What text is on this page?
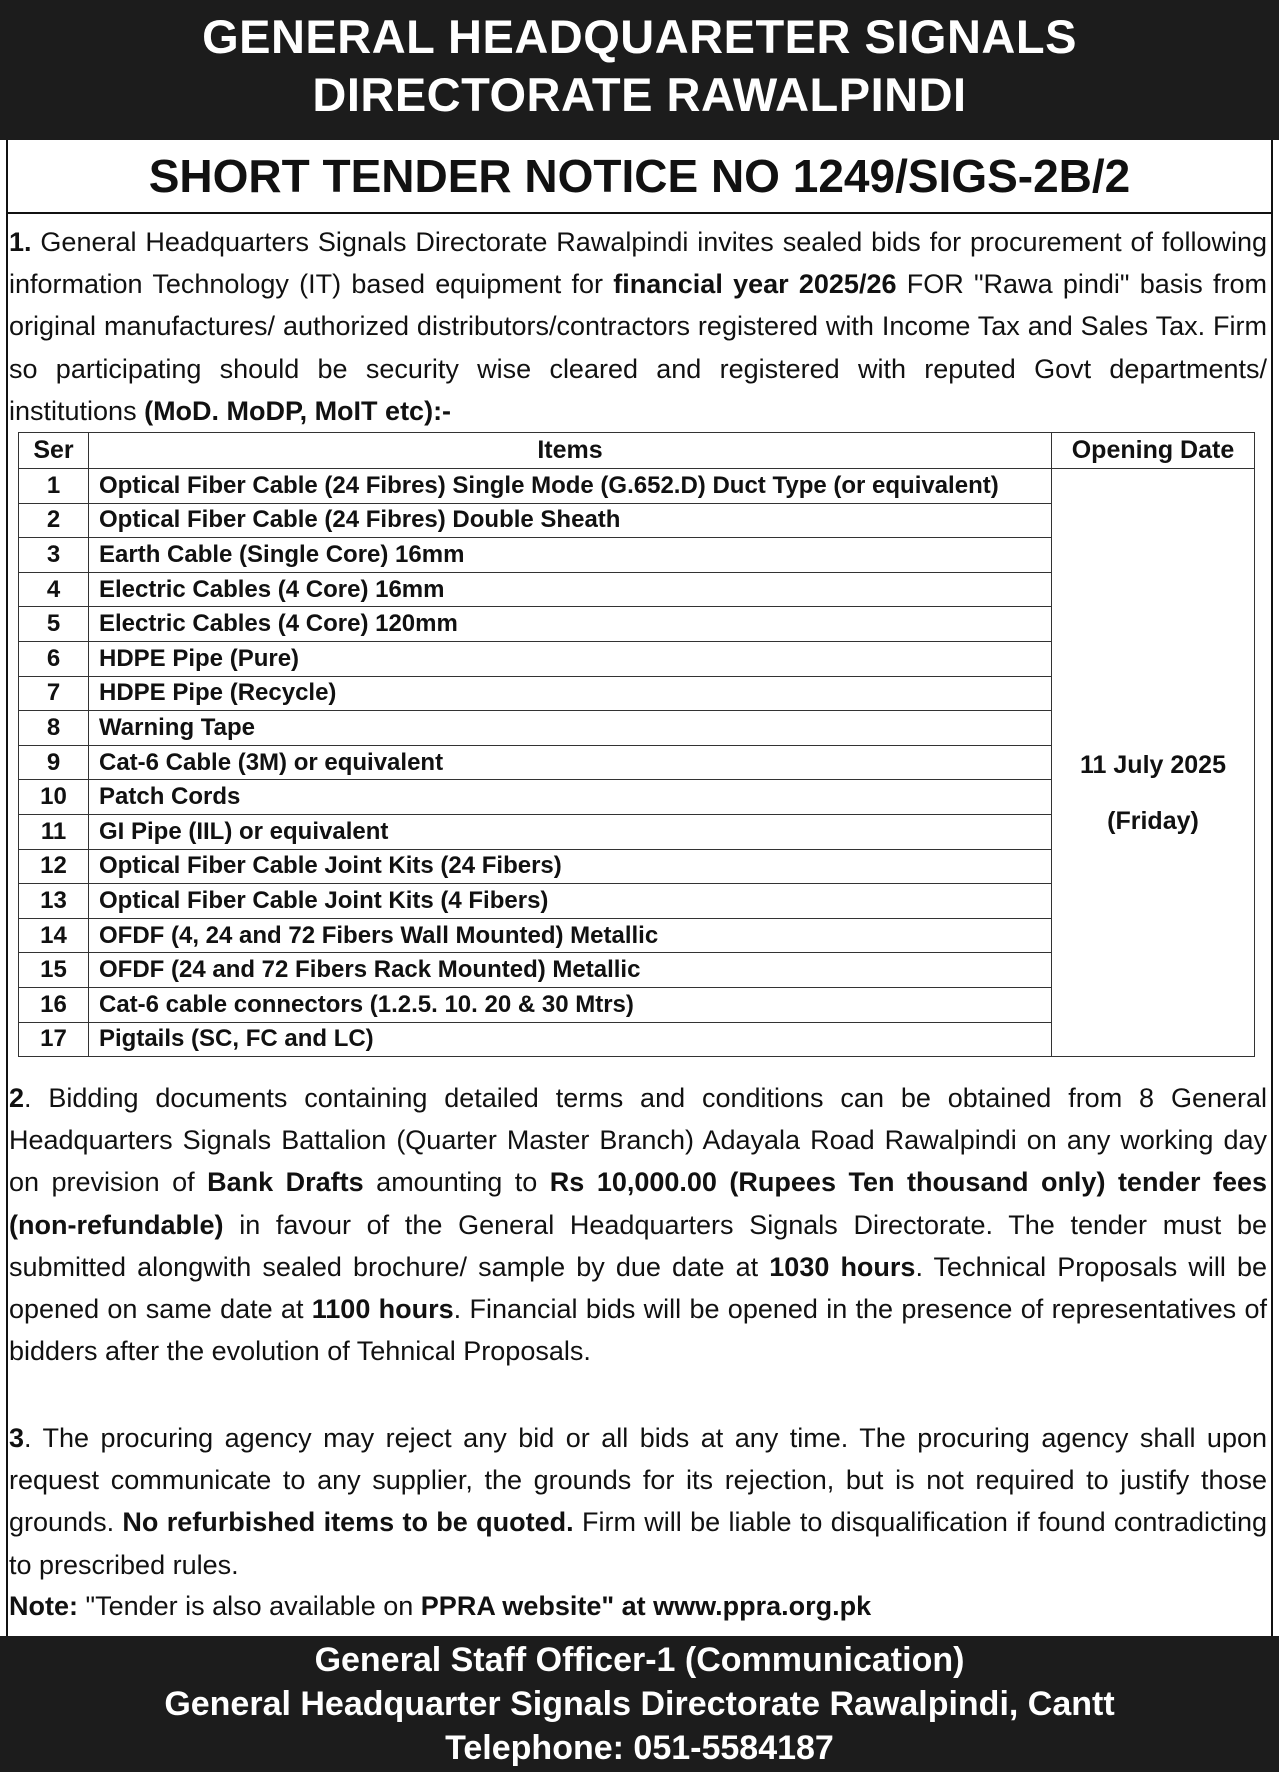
GENERAL HEADQUARETER SIGNALS
DIRECTORATE RAWALPINDI
SHORT TENDER NOTICE NO 1249/SIGS-2B/2
1. General Headquarters Signals Directorate Rawalpindi invites sealed bids for procurement of following information Technology (IT) based equipment for financial year 2025/26 FOR "Rawa pindi" basis from original manufactures/ authorized distributors/contractors registered with Income Tax and Sales Tax. Firm so participating should be security wise cleared and registered with reputed Govt departments/ institutions (MoD. MoDP, MoIT etc):-
Ser	Items	Opening Date
1	Optical Fiber Cable (24 Fibres) Single Mode (G.652.D) Duct Type (or equivalent)	11 July 2025
(Friday)

2	Optical Fiber Cable (24 Fibres) Double Sheath	
3	Earth Cable (Single Core) 16mm	
4	Electric Cables (4 Core) 16mm	
5	Electric Cables (4 Core) 120mm	
6	HDPE Pipe (Pure)	
7	HDPE Pipe (Recycle)	
8	Warning Tape	
9	Cat-6 Cable (3M) or equivalent	
10	Patch Cords	
11	GI Pipe (IIL) or equivalent	
12	Optical Fiber Cable Joint Kits (24 Fibers)	
13	Optical Fiber Cable Joint Kits (4 Fibers)	
14	OFDF (4, 24 and 72 Fibers Wall Mounted) Metallic	
15	OFDF (24 and 72 Fibers Rack Mounted) Metallic	
16	Cat-6 cable connectors (1.2.5. 10. 20 & 30 Mtrs)	
17	Pigtails (SC, FC and LC)	
2. Bidding documents containing detailed terms and conditions can be obtained from 8 General Headquarters Signals Battalion (Quarter Master Branch) Adayala Road Rawalpindi on any working day on prevision of Bank Drafts amounting to Rs 10,000.00 (Rupees Ten thousand only) tender fees (non-refundable) in favour of the General Headquarters Signals Directorate. The tender must be submitted alongwith sealed brochure/ sample by due date at 1030 hours. Technical Proposals will be opened on same date at 1100 hours. Financial bids will be opened in the presence of representatives of bidders after the evolution of Tehnical Proposals.
3. The procuring agency may reject any bid or all bids at any time. The procuring agency shall upon request communicate to any supplier, the grounds for its rejection, but is not required to justify those grounds. No refurbished items to be quoted. Firm will be liable to disqualification if found contradicting to prescribed rules.
Note: "Tender is also available on PPRA website" at www.ppra.org.pk
General Staff Officer-1 (Communication)
General Headquarter Signals Directorate Rawalpindi, Cantt
Telephone: 051-5584187
